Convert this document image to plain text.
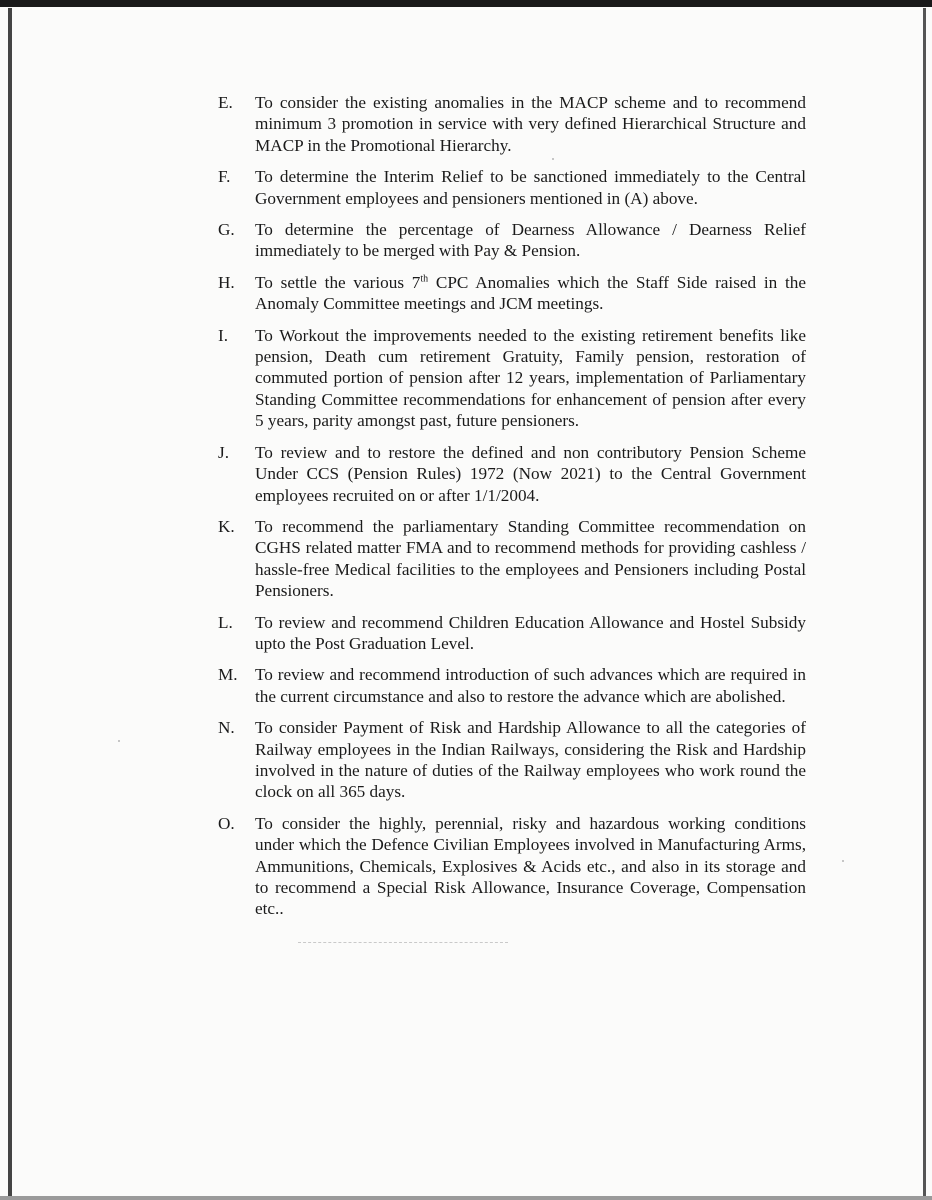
E.	To consider the existing anomalies in the MACP scheme and to recommend minimum 3 promotion in service with very defined Hierarchical Structure and MACP in the Promotional Hierarchy.
F.	To determine the Interim Relief to be sanctioned immediately to the Central Government employees and pensioners mentioned in (A) above.
G.	To determine the percentage of Dearness Allowance / Dearness Relief immediately to be merged with Pay & Pension.
H.	To settle the various 7th CPC Anomalies which the Staff Side raised in the Anomaly Committee meetings and JCM meetings.
I.	To Workout the improvements needed to the existing retirement benefits like pension, Death cum retirement Gratuity, Family pension, restoration of commuted portion of pension after 12 years, implementation of Parliamentary Standing Committee recommendations for enhancement of pension after every 5 years, parity amongst past, future pensioners.
J.	To review and to restore the defined and non contributory Pension Scheme Under CCS (Pension Rules) 1972 (Now 2021) to the Central Government employees recruited on or after 1/1/2004.
K.	To recommend the parliamentary Standing Committee recommendation on CGHS related matter FMA and to recommend methods for providing cashless / hassle-free Medical facilities to the employees and Pensioners including Postal Pensioners.
L.	To review and recommend Children Education Allowance and Hostel Subsidy upto the Post Graduation Level.
M.	To review and recommend introduction of such advances which are required in the current circumstance and also to restore the advance which are abolished.
N.	To consider Payment of Risk and Hardship Allowance to all the categories of Railway employees in the Indian Railways, considering the Risk and Hardship involved in the nature of duties of the Railway employees who work round the clock on all 365 days.
O.	To consider the highly, perennial, risky and hazardous working conditions under which the Defence Civilian Employees involved in Manufacturing Arms, Ammunitions, Chemicals, Explosives & Acids etc., and also in its storage and to recommend a Special Risk Allowance, Insurance Coverage, Compensation etc..
